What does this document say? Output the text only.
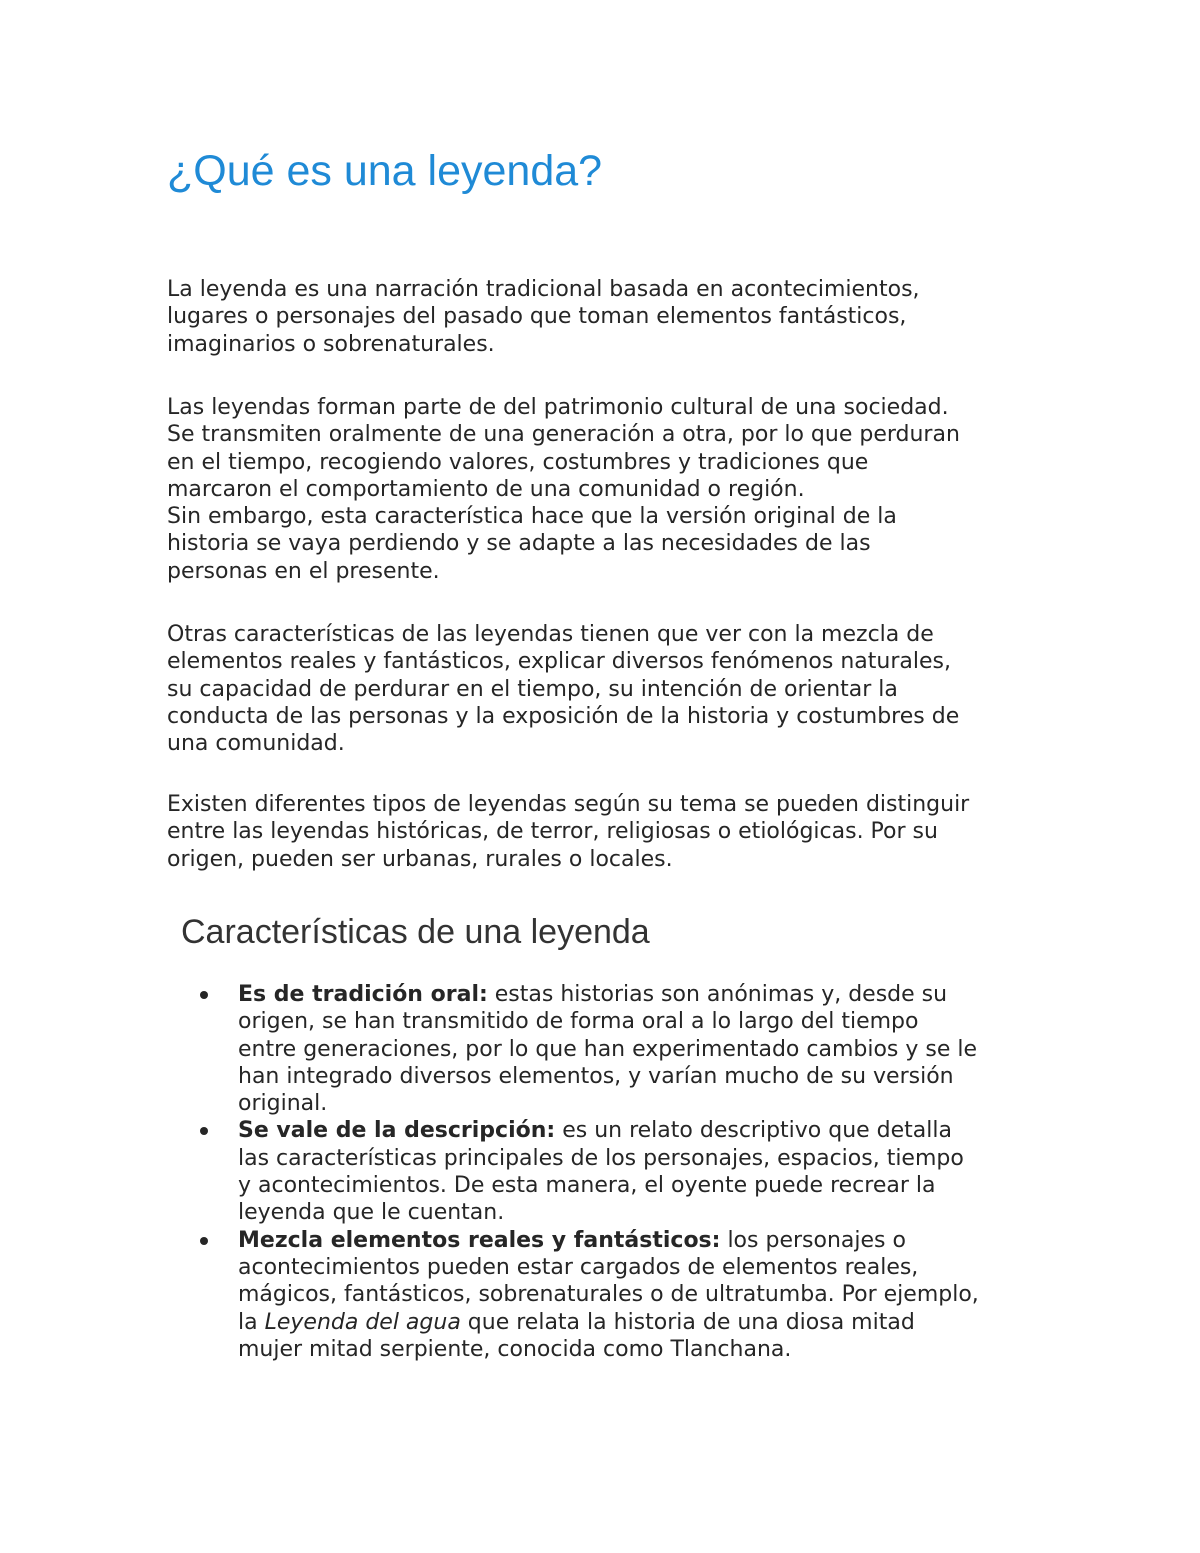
¿Qué es una leyenda?

La leyenda es una narración tradicional basada en acontecimientos,

lugares o personajes del pasado que toman elementos fantásticos,

imaginarios o sobrenaturales.

Las leyendas forman parte de del patrimonio cultural de una sociedad.

Se transmiten oralmente de una generación a otra, por lo que perduran

en el tiempo, recogiendo valores, costumbres y tradiciones que

marcaron el comportamiento de una comunidad o región.

Sin embargo, esta característica hace que la versión original de la

historia se vaya perdiendo y se adapte a las necesidades de las

personas en el presente.

Otras características de las leyendas tienen que ver con la mezcla de

elementos reales y fantásticos, explicar diversos fenómenos naturales,

su capacidad de perdurar en el tiempo, su intención de orientar la

conducta de las personas y la exposición de la historia y costumbres de

una comunidad.

Existen diferentes tipos de leyendas según su tema se pueden distinguir

entre las leyendas históricas, de terror, religiosas o etiológicas. Por su

origen, pueden ser urbanas, rurales o locales.

Características de una leyenda
Es de tradición oral: estas historias son anónimas y, desde su
origen, se han transmitido de forma oral a lo largo del tiempo
entre generaciones, por lo que han experimentado cambios y se le
han integrado diversos elementos, y varían mucho de su versión
original.
Se vale de la descripción: es un relato descriptivo que detalla
las características principales de los personajes, espacios, tiempo
y acontecimientos. De esta manera, el oyente puede recrear la
leyenda que le cuentan.
Mezcla elementos reales y fantásticos: los personajes o
acontecimientos pueden estar cargados de elementos reales,
mágicos, fantásticos, sobrenaturales o de ultratumba. Por ejemplo,
la Leyenda del agua que relata la historia de una diosa mitad
mujer mitad serpiente, conocida como Tlanchana.
